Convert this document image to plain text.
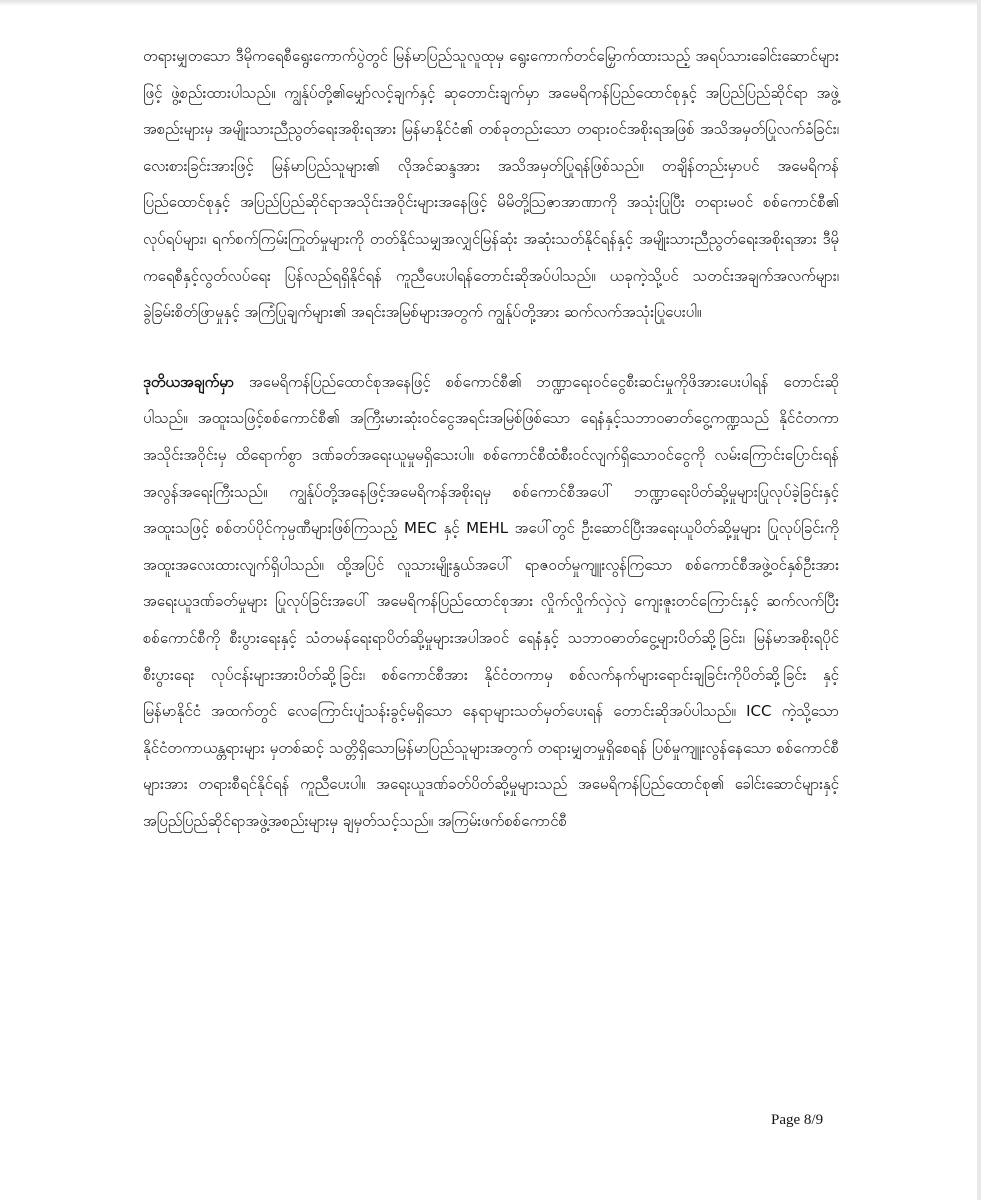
တရားမျှတသော ဒီမိုကရေစီရွေးကောက်ပွဲတွင် မြန်မာပြည်သူလူထုမှ ရွေးကောက်တင်မြှောက်ထားသည့် အရပ်သားခေါင်းဆောင်များဖြင့် ဖွဲ့စည်းထားပါသည်။ ကျွန်ုပ်တို့၏မျှော်လင့်ချက်နှင့် ဆုတောင်းချက်မှာ အမေရိကန်ပြည်ထောင်စုနှင့် အပြည်ပြည်ဆိုင်ရာ အဖွဲ့အစည်းများမှ အမျိုးသားညီညွတ်ရေးအစိုးရအား မြန်မာနိုင်ငံ၏ တစ်ခုတည်းသော တရားဝင်အစိုးရအဖြစ် အသိအမှတ်ပြုလက်ခံခြင်း၊ လေးစားခြင်းအားဖြင့် မြန်မာပြည်သူများ၏ လိုအင်ဆန္ဒအား အသိအမှတ်ပြုရန်ဖြစ်သည်။ တချိန်တည်းမှာပင် အမေရိကန်ပြည်ထောင်စုနှင့် အပြည်ပြည်ဆိုင်ရာအသိုင်းအဝိုင်းများအနေဖြင့် မိမိတို့ဩဇာအာဏာကို အသုံးပြုပြီး တရားမဝင် စစ်ကောင်စီ၏ လုပ်ရပ်များ၊ ရက်စက်ကြမ်းကြုတ်မှုများကို တတ်နိုင်သမျှအလျှင်မြန်ဆုံး အဆုံးသတ်နိုင်ရန်နှင့် အမျိုးသားညီညွတ်ရေးအစိုးရအား ဒီမိုကရေစီနှင့်လွတ်လပ်ရေး ပြန်လည်ရရှိနိုင်ရန် ကူညီပေးပါရန်တောင်းဆိုအပ်ပါသည်။ ယခုကဲ့သို့ပင် သတင်းအချက်အလက်များ၊ ခွဲခြမ်းစိတ်ဖြာမှုနှင့် အကြံပြုချက်များ၏ အရင်းအမြစ်များအတွက် ကျွန်ုပ်တို့အား ဆက်လက်အသုံးပြုပေးပါ။

ဒုတိယအချက်မှာ အမေရိကန်ပြည်ထောင်စုအနေဖြင့် စစ်ကောင်စီ၏ ဘဏ္ဍာရေးဝင်ငွေစီးဆင်းမှုကိုဖိအားပေးပါရန် တောင်းဆိုပါသည်။ အထူးသဖြင့်စစ်ကောင်စီ၏ အကြီးမားဆုံးဝင်ငွေအရင်းအမြစ်ဖြစ်သော ရေနံနှင့်သဘာဝဓာတ်ငွေ့ကဏ္ဍသည် နိုင်ငံတကာအသိုင်းအဝိုင်းမှ ထိရောက်စွာ ဒဏ်ခတ်အရေးယူမှုမရှိသေးပါ။ စစ်ကောင်စီထံစီးဝင်လျက်ရှိသောဝင်ငွေကို လမ်းကြောင်းပြောင်းရန် အလွန်အရေးကြီးသည်။ ကျွန်ုပ်တို့အနေဖြင့်အမေရိကန်အစိုးရမှ စစ်ကောင်စီအပေါ် ဘဏ္ဍာရေးပိတ်ဆို့မှုများပြုလုပ်ခဲ့ခြင်းနှင့် အထူးသဖြင့် စစ်တပ်ပိုင်ကုမ္ပဏီများဖြစ်ကြသည့် MEC နှင့် MEHL အပေါ်တွင် ဦးဆောင်ပြီးအရေးယူပိတ်ဆို့မှုများ ပြုလုပ်ခြင်းကို အထူးအလေးထားလျက်ရှိပါသည်။ ထို့အပြင် လူသားမျိုးနွယ်အပေါ် ရာဇဝတ်မှုကျူးလွန်ကြသော စစ်ကောင်စီအဖွဲ့ဝင်နှစ်ဦးအား အရေးယူဒဏ်ခတ်မှုများ ပြုလုပ်ခြင်းအပေါ် အမေရိကန်ပြည်ထောင်စုအား လှိုက်လှိုက်လှဲလှဲ ကျေးဇူးတင်ကြောင်းနှင့် ဆက်လက်ပြီး စစ်ကောင်စီကို စီးပွားရေးနှင့် သံတမန်ရေးရာပိတ်ဆို့မှုများအပါအဝင် ရေနံနှင့် သဘာဝဓာတ်ငွေ့များပိတ်ဆို့ခြင်း၊ မြန်မာအစိုးရပိုင်စီးပွားရေး လုပ်ငန်းများအားပိတ်ဆို့ခြင်း၊ စစ်ကောင်စီအား နိုင်ငံတကာမှ စစ်လက်နက်များရောင်းချခြင်းကိုပိတ်ဆို့ခြင်း နှင့် မြန်မာနိုင်ငံ အထက်တွင် လေကြောင်းပျံသန်းခွင့်မရှိသော နေရာများသတ်မှတ်ပေးရန် တောင်းဆိုအပ်ပါသည်။ ICC ကဲ့သို့သော နိုင်ငံတကာယန္တရားများ မှတစ်ဆင့် သတ္တိရှိသောမြန်မာပြည်သူများအတွက် တရားမျှတမှုရှိစေရန် ပြစ်မှုကျူးလွန်နေသော စစ်ကောင်စီများအား တရားစီရင်နိုင်ရန် ကူညီပေးပါ။ အရေးယူဒဏ်ခတ်ပိတ်ဆို့မှုများသည် အမေရိကန်ပြည်ထောင်စု၏ ခေါင်းဆောင်များနှင့် အပြည်ပြည်ဆိုင်ရာအဖွဲ့အစည်းများမှ ချမှတ်သင့်သည်။ အကြမ်းဖက်စစ်ကောင်စီ

Page 8/9
